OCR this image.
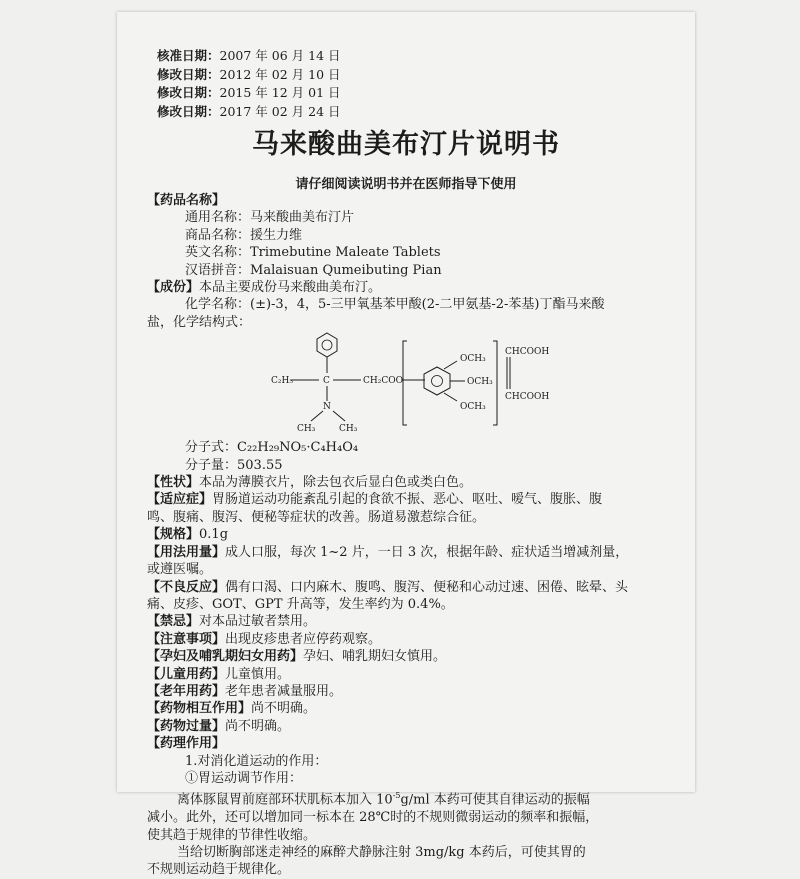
核准日期：2007 年 06 月 14 日
修改日期：2012 年 02 月 10 日
修改日期：2015 年 12 月 01 日
修改日期：2017 年 02 月 24 日
马来酸曲美布汀片说明书
请仔细阅读说明书并在医师指导下使用
【药品名称】
通用名称：马来酸曲美布汀片
商品名称：援生力维
英文名称：Trimebutine Maleate Tablets
汉语拼音：Malaisuan Qumeibuting Pian
【成份】本品主要成份马来酸曲美布汀。
化学名称：(±)-3，4，5-三甲氧基苯甲酸(2-二甲氨基-2-苯基)丁酯马来酸
盐，化学结构式：
C₂H₅	C	CH₂COO
N
CH₃	CH₃
OCH₃
OCH₃
OCH₃
CHCOOH
CHCOOH
分子式：C₂₂H₂₉NO₅·C₄H₄O₄
分子量：503.55
【性状】本品为薄膜衣片，除去包衣后显白色或类白色。
【适应症】胃肠道运动功能紊乱引起的食欲不振、恶心、呕吐、嗳气、腹胀、腹
鸣、腹痛、腹泻、便秘等症状的改善。肠道易激惹综合征。
【规格】0.1g
【用法用量】成人口服，每次 1~2 片，一日 3 次，根据年龄、症状适当增减剂量，
或遵医嘱。
【不良反应】偶有口渴、口内麻木、腹鸣、腹泻、便秘和心动过速、困倦、眩晕、头
痛、皮疹、GOT、GPT 升高等，发生率约为 0.4%。
【禁忌】对本品过敏者禁用。
【注意事项】出现皮疹患者应停药观察。
【孕妇及哺乳期妇女用药】孕妇、哺乳期妇女慎用。
【儿童用药】儿童慎用。
【老年用药】老年患者减量服用。
【药物相互作用】尚不明确。
【药物过量】尚不明确。
【药理作用】
1.对消化道运动的作用：
①胃运动调节作用：
离体豚鼠胃前庭部环状肌标本加入 $10^{-5}g/ml$ 本药可使其自律运动的振幅
减小。此外，还可以增加同一标本在 28℃时的不规则微弱运动的频率和振幅，
使其趋于规律的节律性收缩。
当给切断胸部迷走神经的麻醉犬静脉注射 3mg/kg 本药后，可使其胃的
不规则运动趋于规律化。
